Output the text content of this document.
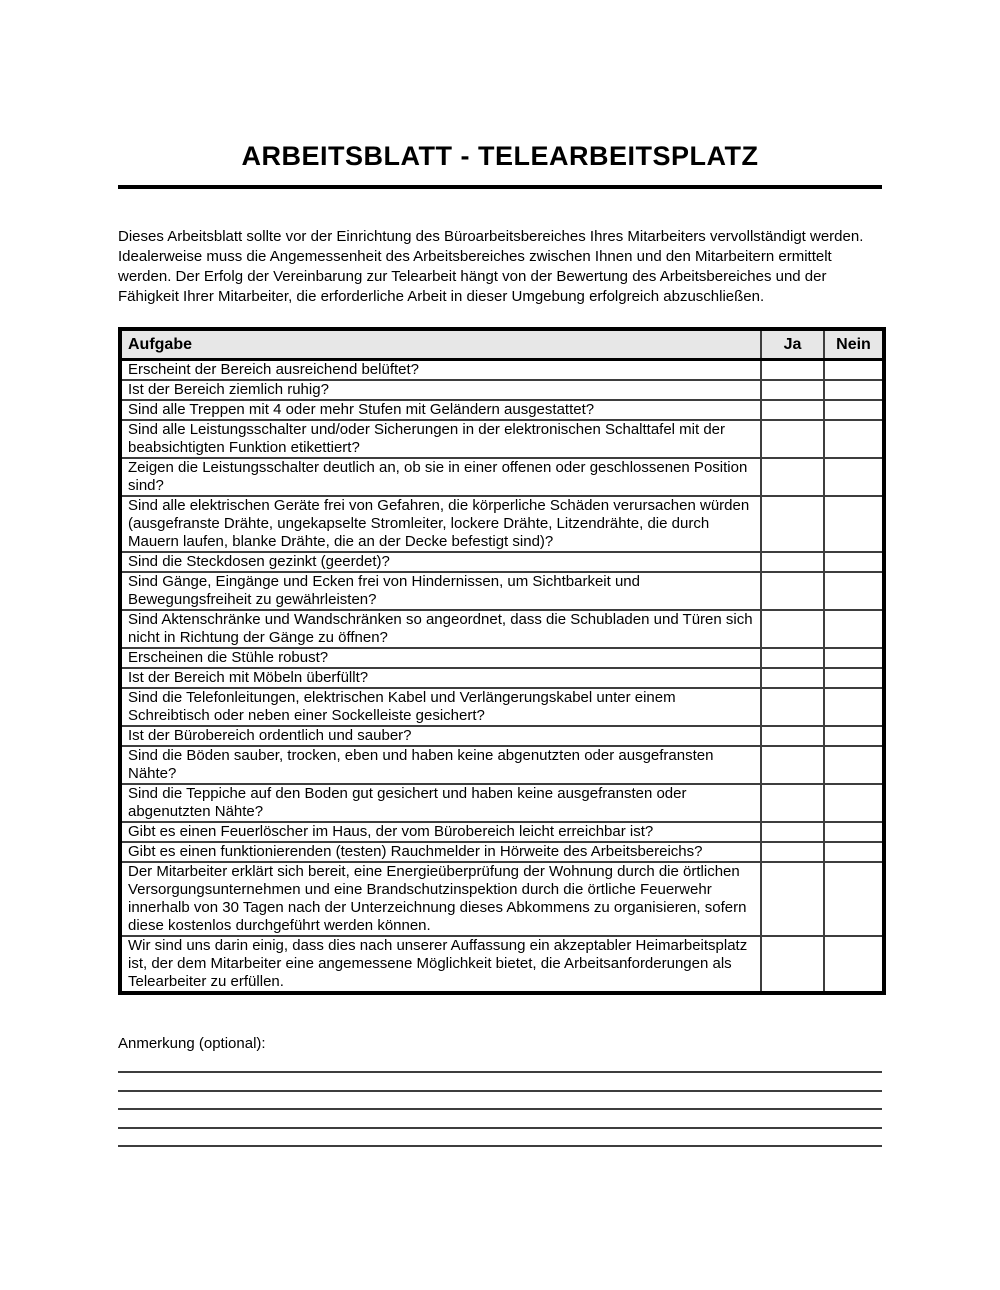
ARBEITSBLATT - TELEARBEITSPLATZ

Dieses Arbeitsblatt sollte vor der Einrichtung des Büroarbeitsbereiches Ihres Mitarbeiters vervollständigt werden. Idealerweise muss die Angemessenheit des Arbeitsbereiches zwischen Ihnen und den Mitarbeitern ermittelt werden. Der Erfolg der Vereinbarung zur Telearbeit hängt von der Bewertung des Arbeitsbereiches und der Fähigkeit Ihrer Mitarbeiter, die erforderliche Arbeit in dieser Umgebung erfolgreich abzuschließen.

Aufgabe	Ja	Nein
Erscheint der Bereich ausreichend belüftet?		
Ist der Bereich ziemlich ruhig?		
Sind alle Treppen mit 4 oder mehr Stufen mit Geländern ausgestattet?		
Sind alle Leistungsschalter und/oder Sicherungen in der elektronischen Schalttafel mit der beabsichtigten Funktion etikettiert?		
Zeigen die Leistungsschalter deutlich an, ob sie in einer offenen oder geschlossenen Position sind?		
Sind alle elektrischen Geräte frei von Gefahren, die körperliche Schäden verursachen würden (ausgefranste Drähte, ungekapselte Stromleiter, lockere Drähte, Litzendrähte, die durch Mauern laufen, blanke Drähte, die an der Decke befestigt sind)?		
Sind die Steckdosen gezinkt (geerdet)?		
Sind Gänge, Eingänge und Ecken frei von Hindernissen, um Sichtbarkeit und Bewegungsfreiheit zu gewährleisten?		
Sind Aktenschränke und Wandschränken so angeordnet, dass die Schubladen und Türen sich nicht in Richtung der Gänge zu öffnen?		
Erscheinen die Stühle robust?		
Ist der Bereich mit Möbeln überfüllt?		
Sind die Telefonleitungen, elektrischen Kabel und Verlängerungskabel unter einem Schreibtisch oder neben einer Sockelleiste gesichert?		
Ist der Bürobereich ordentlich und sauber?		
Sind die Böden sauber, trocken, eben und haben keine abgenutzten oder ausgefransten Nähte?		
Sind die Teppiche auf den Boden gut gesichert und haben keine ausgefransten oder abgenutzten Nähte?		
Gibt es einen Feuerlöscher im Haus, der vom Bürobereich leicht erreichbar ist?		
Gibt es einen funktionierenden (testen) Rauchmelder in Hörweite des Arbeitsbereichs?		
Der Mitarbeiter erklärt sich bereit, eine Energieüberprüfung der Wohnung durch die örtlichen Versorgungsunternehmen und eine Brandschutzinspektion durch die örtliche Feuerwehr innerhalb von 30 Tagen nach der Unterzeichnung dieses Abkommens zu organisieren, sofern diese kostenlos durchgeführt werden können.		
Wir sind uns darin einig, dass dies nach unserer Auffassung ein akzeptabler Heimarbeitsplatz ist, der dem Mitarbeiter eine angemessene Möglichkeit bietet, die Arbeitsanforderungen als Telearbeiter zu erfüllen.		
Anmerkung (optional):
